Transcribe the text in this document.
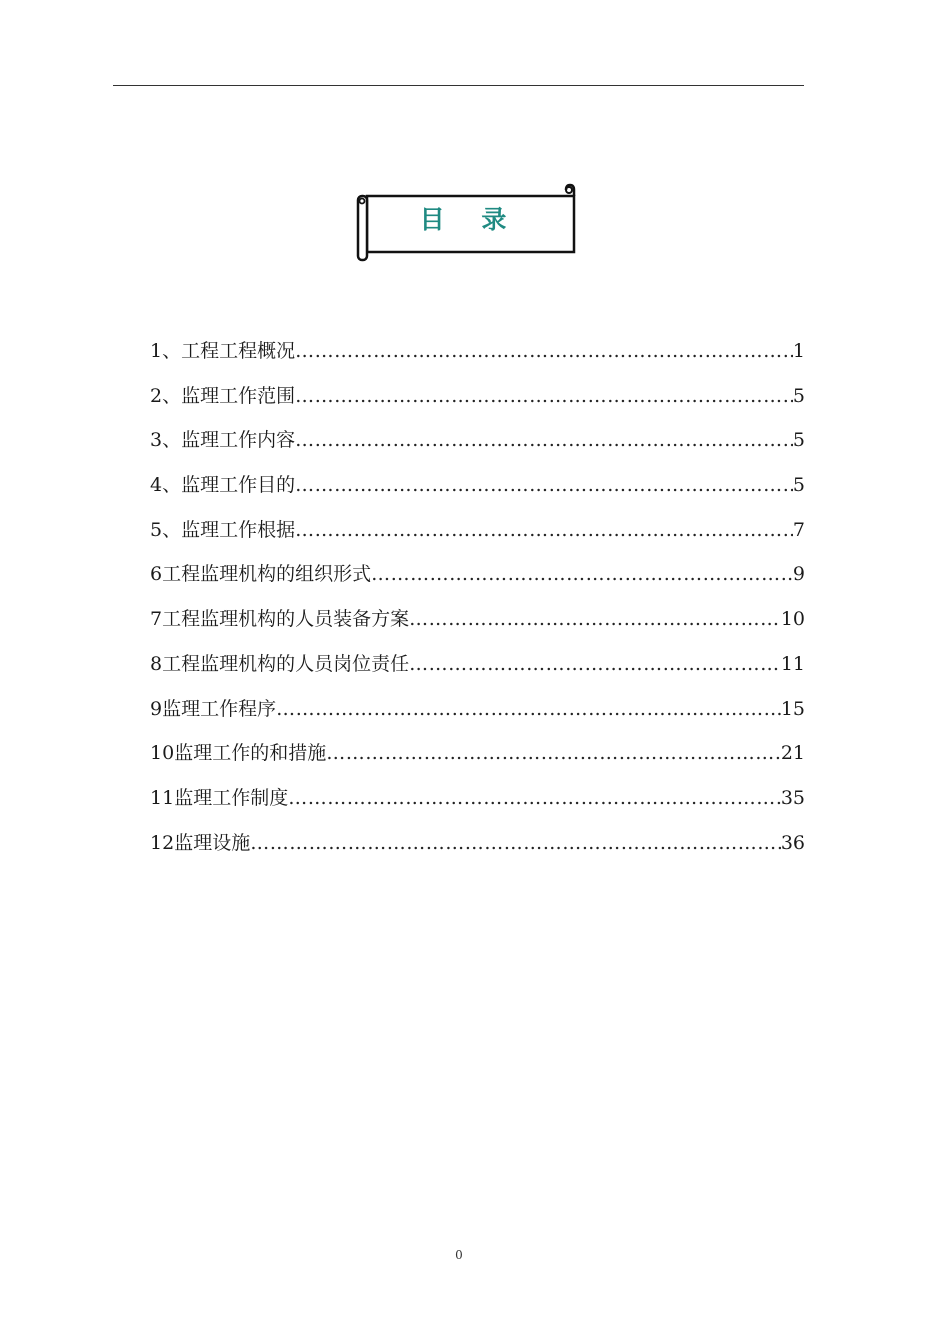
目 录
1、 工程工程概况 …………………………………………………………………………………………………………………………………………………………………………………	1
2、 监理工作范围 …………………………………………………………………………………………………………………………………………………………………………………	5
3、 监理工作内容 …………………………………………………………………………………………………………………………………………………………………………………	5
4、 监理工作目的 …………………………………………………………………………………………………………………………………………………………………………………	5
5、 监理工作根据 …………………………………………………………………………………………………………………………………………………………………………………	7
6 工程监理机构的组织形式 …………………………………………………………………………………………………………………………………………………………………………………	9
7 工程监理机构的人员装备方案 …………………………………………………………………………………………………………………………………………………………………………………	10
8 工程监理机构的人员岗位责任 …………………………………………………………………………………………………………………………………………………………………………………	11
9 监理工作程序 …………………………………………………………………………………………………………………………………………………………………………………	15
10 监理工作的和措施 …………………………………………………………………………………………………………………………………………………………………………………	21
11 监理工作制度 …………………………………………………………………………………………………………………………………………………………………………………	35
12 监理设施 …………………………………………………………………………………………………………………………………………………………………………………	36
0
